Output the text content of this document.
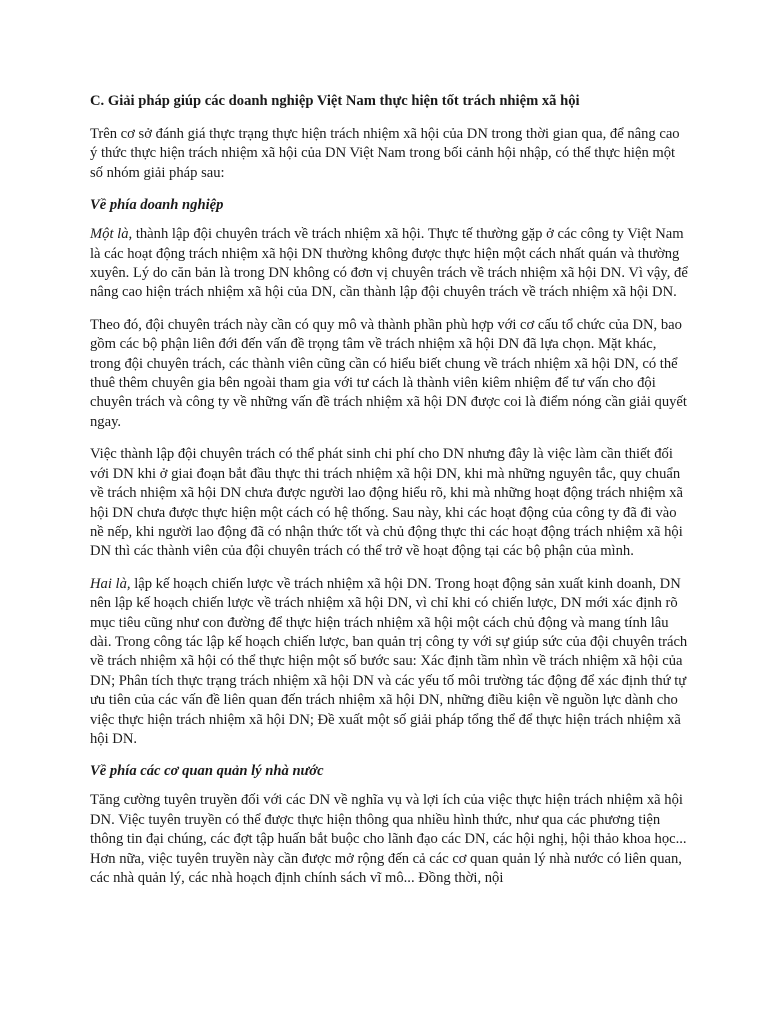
C. Giải pháp giúp các doanh nghiệp Việt Nam thực hiện tốt trách nhiệm xã hội

Trên cơ sở đánh giá thực trạng thực hiện trách nhiệm xã hội của DN trong thời gian qua, để nâng cao ý thức thực hiện trách nhiệm xã hội của DN Việt Nam trong bối cảnh hội nhập, có thể thực hiện một số nhóm giải pháp sau:

Về phía doanh nghiệp

Một là, thành lập đội chuyên trách về trách nhiệm xã hội. Thực tế thường gặp ở các công ty Việt Nam là các hoạt động trách nhiệm xã hội DN thường không được thực hiện một cách nhất quán và thường xuyên. Lý do căn bản là trong DN không có đơn vị chuyên trách về trách nhiệm xã hội DN. Vì vậy, để nâng cao hiện trách nhiệm xã hội của DN, cần thành lập đội chuyên trách về trách nhiệm xã hội DN.

Theo đó, đội chuyên trách này cần có quy mô và thành phần phù hợp với cơ cấu tổ chức của DN, bao gồm các bộ phận liên đới đến vấn đề trọng tâm về trách nhiệm xã hội DN đã lựa chọn. Mặt khác, trong đội chuyên trách, các thành viên cũng cần có hiểu biết chung về trách nhiệm xã hội DN, có thể thuê thêm chuyên gia bên ngoài tham gia với tư cách là thành viên kiêm nhiệm để tư vấn cho đội chuyên trách và công ty về những vấn đề trách nhiệm xã hội DN được coi là điểm nóng cần giải quyết ngay.

Việc thành lập đội chuyên trách có thể phát sinh chi phí cho DN nhưng đây là việc làm cần thiết đối với DN khi ở giai đoạn bắt đầu thực thi trách nhiệm xã hội DN, khi mà những nguyên tắc, quy chuẩn về trách nhiệm xã hội DN chưa được người lao động hiểu rõ, khi mà những hoạt động trách nhiệm xã hội DN chưa được thực hiện một cách có hệ thống. Sau này, khi các hoạt động của công ty đã đi vào nề nếp, khi người lao động đã có nhận thức tốt và chủ động thực thi các hoạt động trách nhiệm xã hội DN thì các thành viên của đội chuyên trách có thể trở về hoạt động tại các bộ phận của mình.

Hai là, lập kế hoạch chiến lược về trách nhiệm xã hội DN. Trong hoạt động sản xuất kinh doanh, DN nên lập kế hoạch chiến lược về trách nhiệm xã hội DN, vì chỉ khi có chiến lược, DN mới xác định rõ mục tiêu cũng như con đường để thực hiện trách nhiệm xã hội một cách chủ động và mang tính lâu dài. Trong công tác lập kế hoạch chiến lược, ban quản trị công ty với sự giúp sức của đội chuyên trách về trách nhiệm xã hội có thể thực hiện một số bước sau: Xác định tầm nhìn về trách nhiệm xã hội của DN; Phân tích thực trạng trách nhiệm xã hội DN và các yếu tố môi trường tác động để xác định thứ tự ưu tiên của các vấn đề liên quan đến trách nhiệm xã hội DN, những điều kiện về nguồn lực dành cho việc thực hiện trách nhiệm xã hội DN; Đề xuất một số giải pháp tổng thể để thực hiện trách nhiệm xã hội DN.

Về phía các cơ quan quản lý nhà nước

Tăng cường tuyên truyền đối với các DN về nghĩa vụ và lợi ích của việc thực hiện trách nhiệm xã hội DN. Việc tuyên truyền có thể được thực hiện thông qua nhiều hình thức, như qua các phương tiện thông tin đại chúng, các đợt tập huấn bắt buộc cho lãnh đạo các DN, các hội nghị, hội thảo khoa học... Hơn nữa, việc tuyên truyền này cần được mở rộng đến cả các cơ quan quản lý nhà nước có liên quan, các nhà quản lý, các nhà hoạch định chính sách vĩ mô... Đồng thời, nội
